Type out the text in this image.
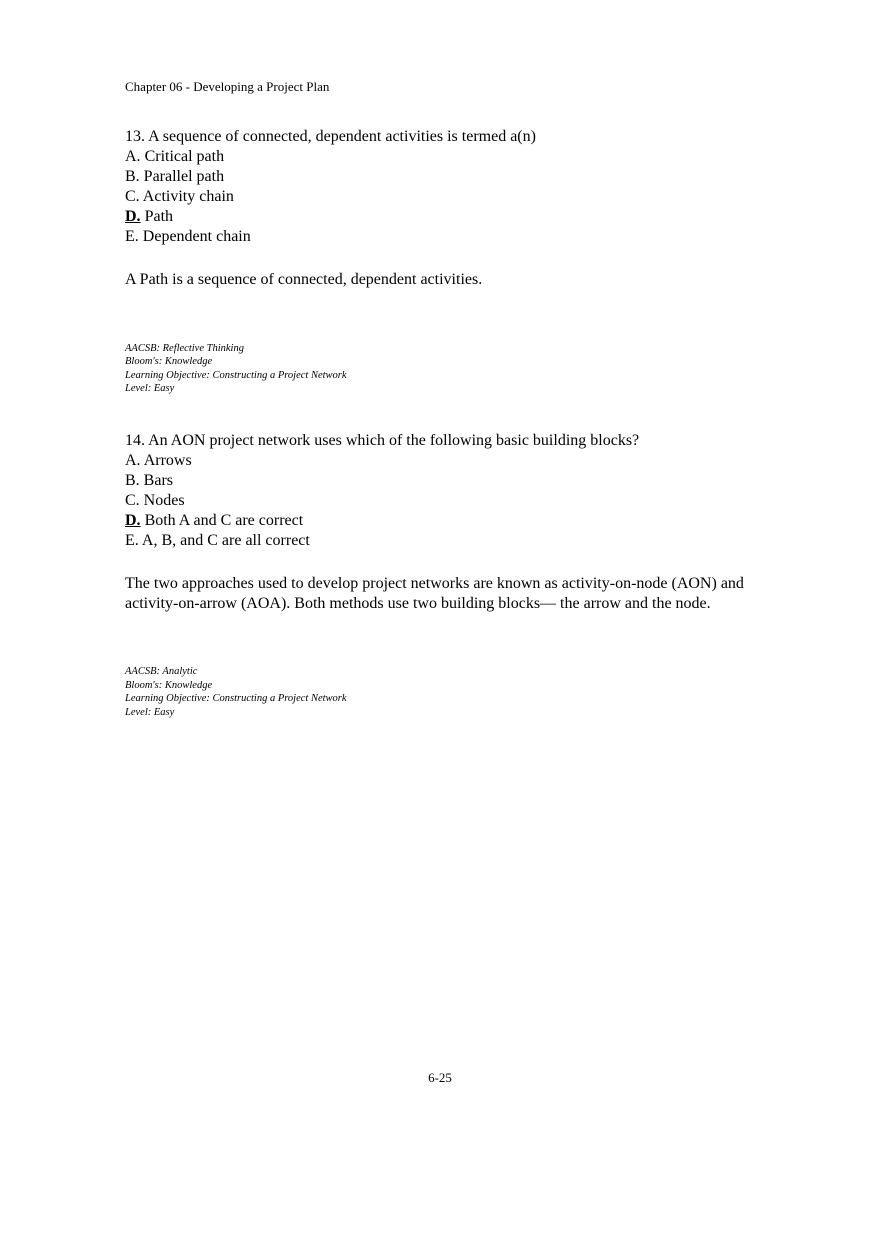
Chapter 06 - Developing a Project Plan
13. A sequence of connected, dependent activities is termed a(n)
A. Critical path
B. Parallel path
C. Activity chain
D. Path
E. Dependent chain
A Path is a sequence of connected, dependent activities.
AACSB: Reflective Thinking
Bloom's: Knowledge
Learning Objective: Constructing a Project Network
Level: Easy
14. An AON project network uses which of the following basic building blocks?
A. Arrows
B. Bars
C. Nodes
D. Both A and C are correct
E. A, B, and C are all correct
The two approaches used to develop project networks are known as activity-on-node (AON) and activity-on-arrow (AOA). Both methods use two building blocks— the arrow and the node.
AACSB: Analytic
Bloom's: Knowledge
Learning Objective: Constructing a Project Network
Level: Easy
6-25
